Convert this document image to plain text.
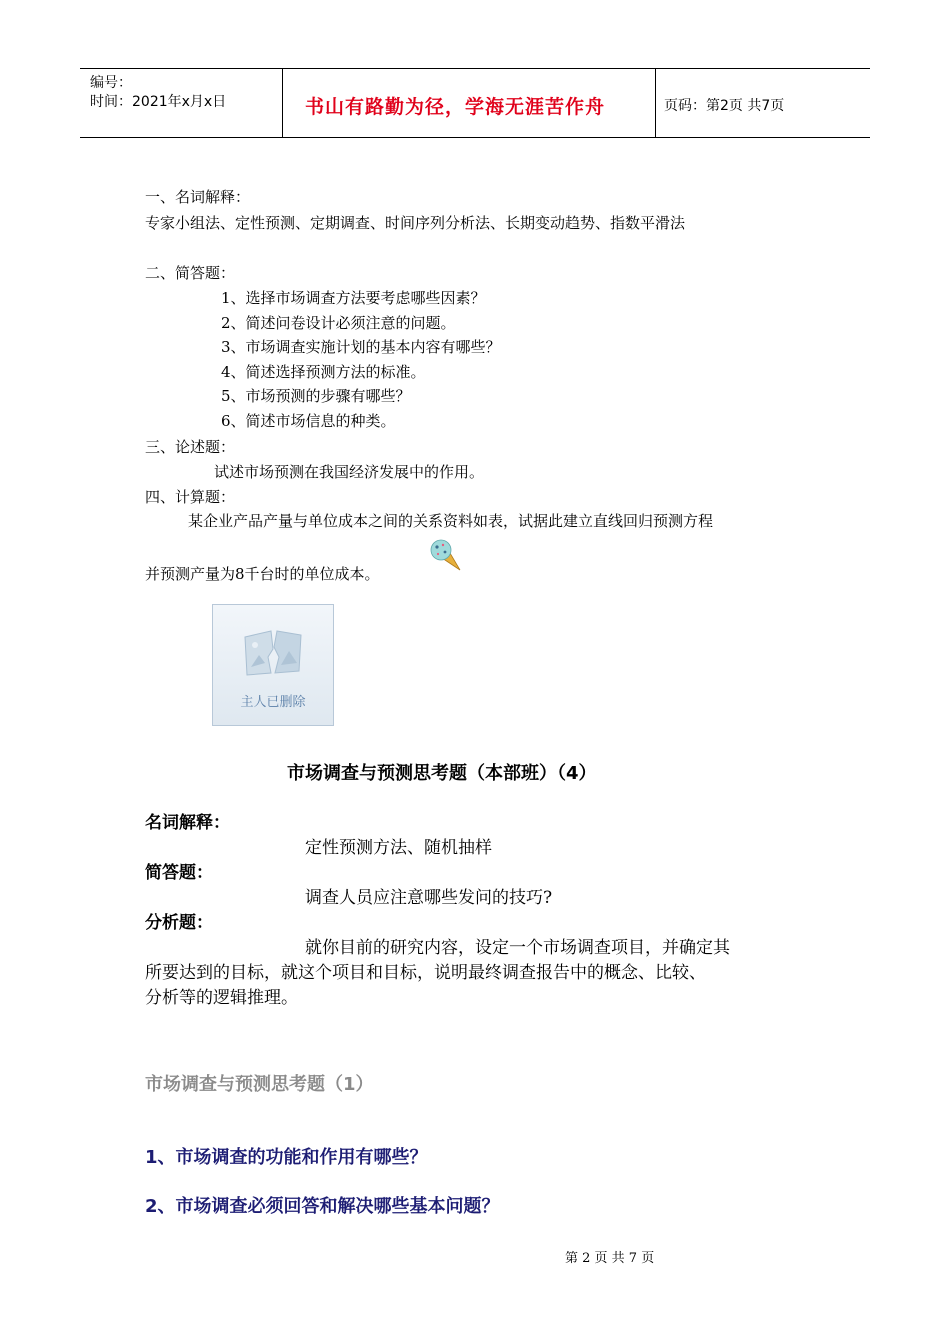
编号：
时间：2021年x月x日	书山有路勤为径，学海无涯苦作舟	页码：第2页 共7页
一、名词解释：
专家小组法、定性预测、定期调查、时间序列分析法、长期变动趋势、指数平滑法
二、简答题：
1、选择市场调查方法要考虑哪些因素？
2、简述问卷设计必须注意的问题。
3、市场调查实施计划的基本内容有哪些？
4、简述选择预测方法的标准。
5、市场预测的步骤有哪些？
6、简述市场信息的种类。
三、论述题：
试述市场预测在我国经济发展中的作用。
四、计算题：
某企业产品产量与单位成本之间的关系资料如表，试据此建立直线回归预测方程
并预测产量为8千台时的单位成本。
主人已删除
市场调查与预测思考题（本部班）（4）
名词解释：
定性预测方法、随机抽样
简答题：
调查人员应注意哪些发问的技巧?
分析题：
就你目前的研究内容，设定一个市场调查项目，并确定其
所要达到的目标，就这个项目和目标，说明最终调查报告中的概念、比较、
分析等的逻辑推理。
市场调查与预测思考题（1）
1、市场调查的功能和作用有哪些？
2、市场调查必须回答和解决哪些基本问题？
第 2 页 共 7 页
